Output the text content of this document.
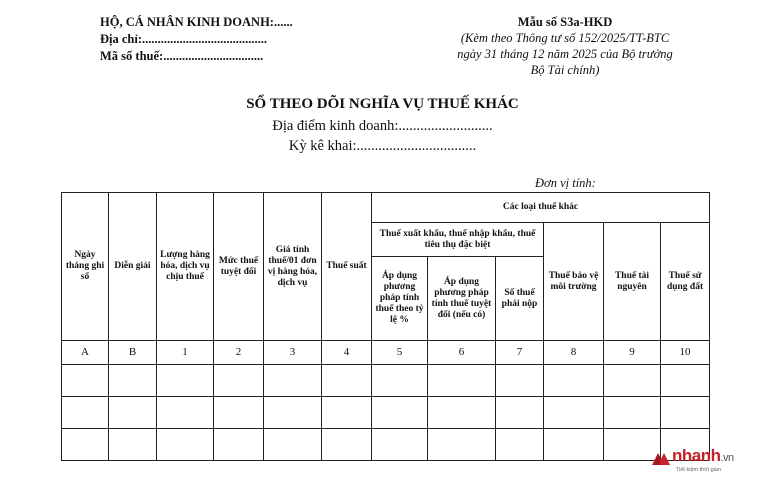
HỘ, CÁ NHÂN KINH DOANH:......
Địa chỉ:........................................
Mã số thuế:................................
Mẫu số S3a-HKD
(Kèm theo Thông tư số 152/2025/TT-BTC
ngày 31 tháng 12 năm 2025 của Bộ trưởng
Bộ Tài chính)
SỔ THEO DÕI NGHĨA VỤ THUẾ KHÁC
Địa điểm kinh doanh:..........................
Kỳ kê khai:.................................
Đơn vị tính:
Ngày tháng ghi sổ	Diễn giải	Lượng hàng hóa, dịch vụ chịu thuế	Mức thuế tuyệt đối	Giá tính thuế/01 đơn vị hàng hóa, dịch vụ	Thuế suất	Các loại thuế khác					
						Thuế xuất khẩu, thuế nhập khẩu, thuế tiêu thụ đặc biệt			Thuế bảo vệ môi trường	Thuế tài nguyên	Thuế sử dụng đất
						Áp dụng phương pháp tính thuế theo tỷ lệ %	Áp dụng phương pháp tính thuế tuyệt đối (nếu có)	Số thuế phải nộp			
A	B	1	2	3	4	5	6	7	8	9	10

nhanh.vn
Tiết kiệm thời gian
